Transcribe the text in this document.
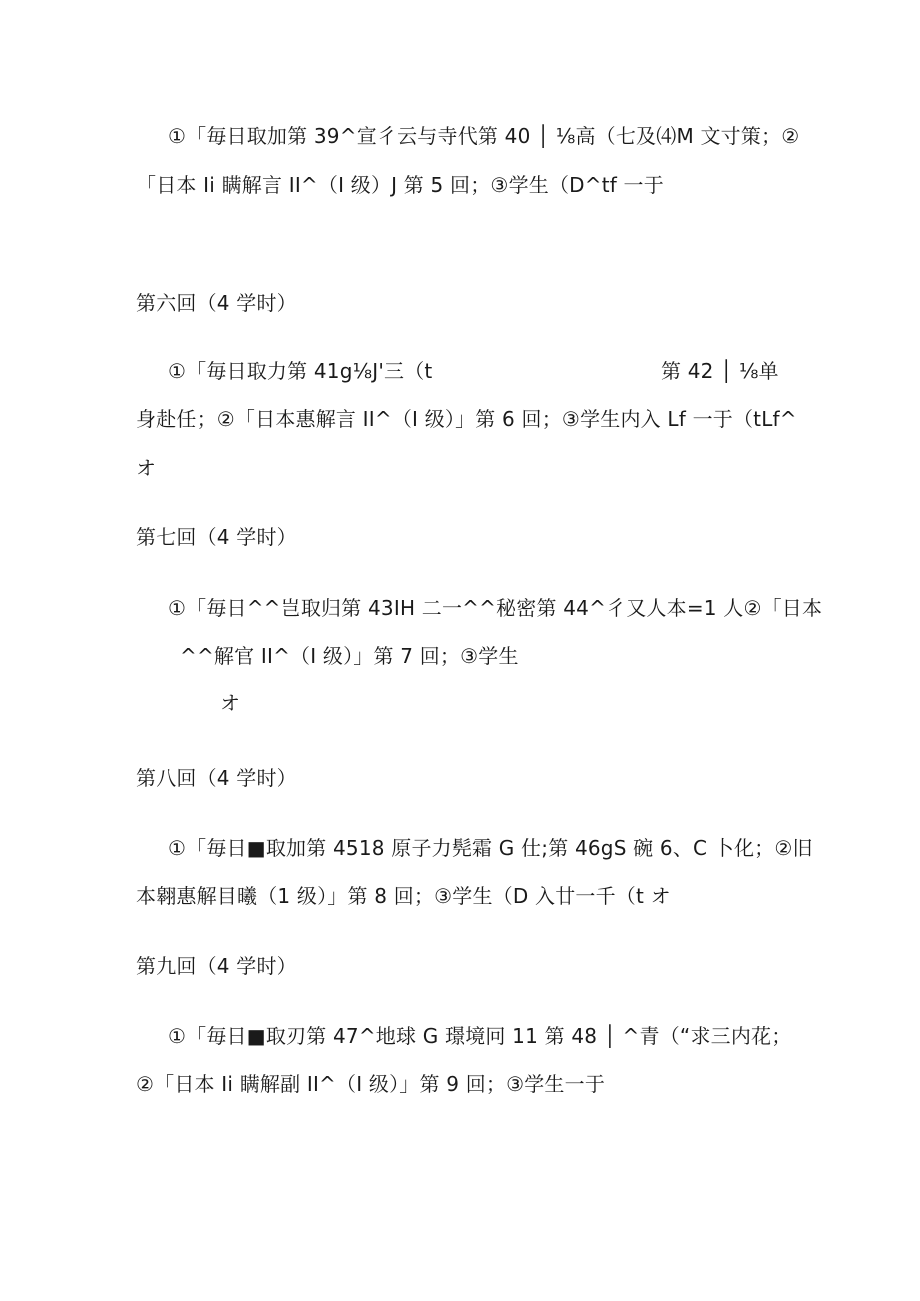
①「毎日取加第 39^宣彳云与寺代第 40 │ ⅛高（七及⑷M 文寸策；②
「日本 Ii 瞒解言 II^（I 级）J 第 5 回；③学生（D^tf 一于
第六回（4 学时）
①「毎日取力第 41g⅛J'三（t	第 42 │ ⅛单
身赴任；②「日本惠解言 II^（I 级）」第 6 回；③学生内入 Lf 一于（tLf^
オ
第七回（4 学时）
①「毎日^^岂取归第 43IH 二一^^秘密第 44^彳又人本=1 人②「日本
^^解官 II^（I 级）」第 7 回；③学生
オ
第八回（4 学时）
①「毎日■取加第 4518 原子力髡霜 G 仕;第 46gS 碗 6、C 卜化；②旧
本翱惠解目曦（1 级）」第 8 回；③学生（D 入廿一千（t オ
第九回（4 学时）
①「毎日■取刃第 47^地球 G 璟境冋 11 第 48 │ ^青（“求三内花；
②「日本 Ii 瞒解副 II^（I 级）」第 9 回；③学生一于
